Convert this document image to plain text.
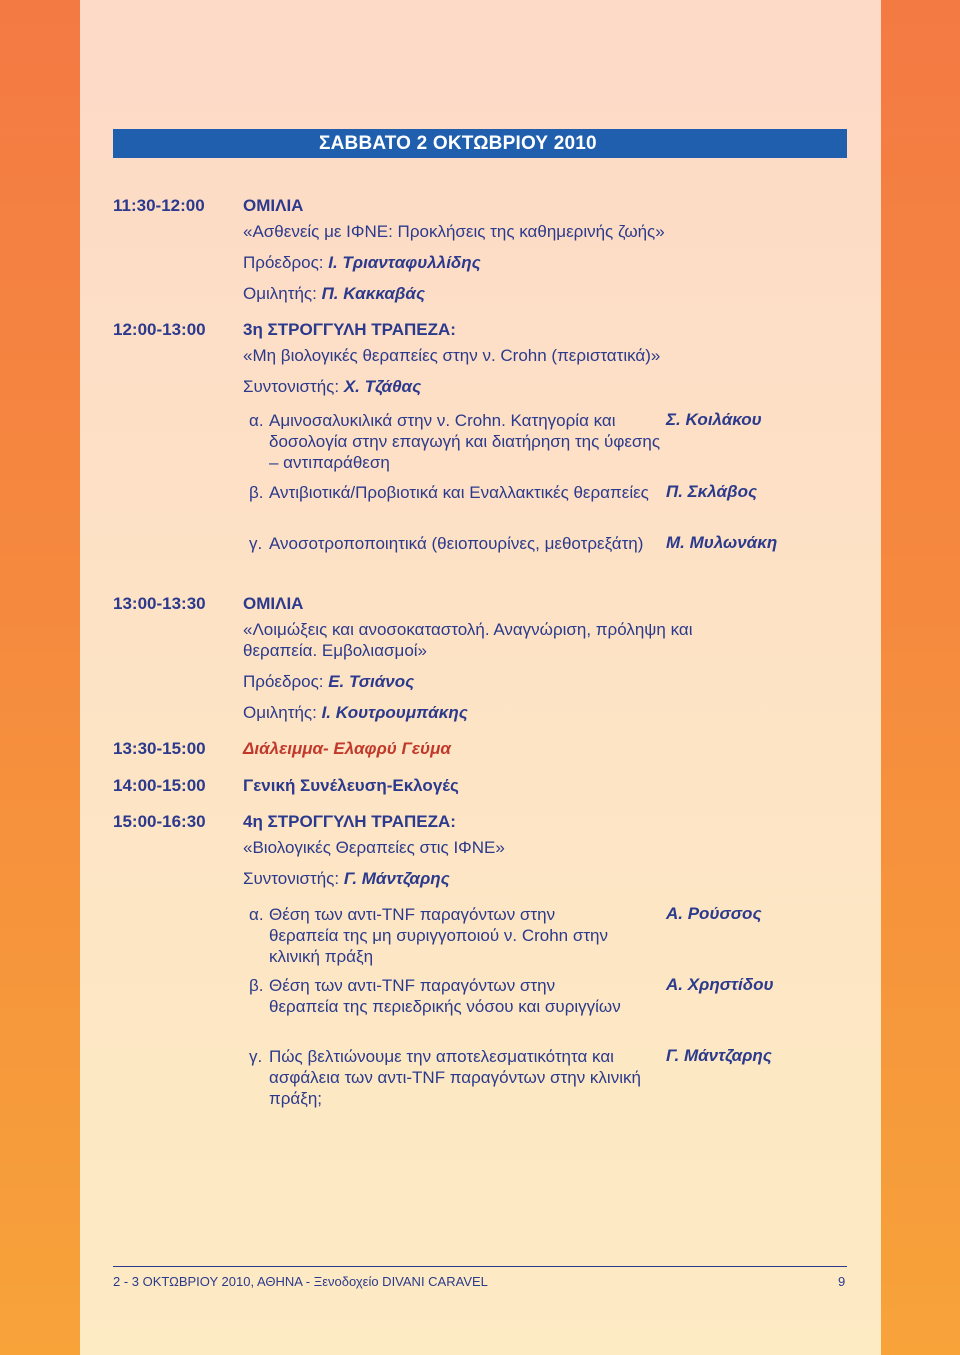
ΣΑΒΒΑΤΟ 2 ΟΚΤΩΒΡΙΟΥ 2010
11:30-12:00 ΟΜΙΛΙΑ
«Ασθενείς με ΙΦΝΕ: Προκλήσεις της καθημερινής ζωής»
Πρόεδρος: Ι. Τριανταφυλλίδης
Ομιλητής: Π. Κακκαβάς
12:00-13:00 3η ΣΤΡΟΓΓΥΛΗ ΤΡΑΠΕΖΑ:
«Μη βιολογικές θεραπείες στην ν. Crohn (περιστατικά)»
Συντονιστής: Χ. Τζάθας
α. Αμινοσαλυκιλικά στην ν. Crohn. Κατηγορία και δοσολογία στην επαγωγή και διατήρηση της ύφεσης – αντιπαράθεση
Σ. Κοιλάκου
β. Αντιβιοτικά/Προβιοτικά και Εναλλακτικές θεραπείες	Π. Σκλάβος
γ. Ανοσοτροποποιητικά (θειοπουρίνες, μεθοτρεξάτη)	Μ. Μυλωνάκη
13:00-13:30 ΟΜΙΛΙΑ
«Λοιμώξεις και ανοσοκαταστολή. Αναγνώριση, πρόληψη και
θεραπεία. Εμβολιασμοί»
Πρόεδρος: Ε. Τσιάνος
Ομιλητής: Ι. Κουτρουμπάκης
13:30-15:00 Διάλειμμα- Ελαφρύ Γεύμα
14:00-15:00 Γενική Συνέλευση-Εκλογές
15:00-16:30 4η ΣΤΡΟΓΓΥΛΗ ΤΡΑΠΕΖΑ:
«Βιολογικές Θεραπείες στις ΙΦΝΕ»
Συντονιστής: Γ. Μάντζαρης
α. Θέση των αντι-TNF παραγόντων στην θεραπεία της μη συριγγοποιού ν. Crohn στην κλινική πράξη
Α. Ρούσσος
β. Θέση των αντι-TNF παραγόντων στην θεραπεία της περιεδρικής νόσου και συριγγίων
Α. Χρηστίδου
γ. Πώς βελτιώνουμε την αποτελεσματικότητα και ασφάλεια των αντι-TNF παραγόντων στην κλινική πράξη;
Γ. Μάντζαρης
2 - 3 ΟΚΤΩΒΡΙΟΥ 2010, ΑΘΗΝΑ - Ξενοδοχείο DIVANI CARAVEL	9
